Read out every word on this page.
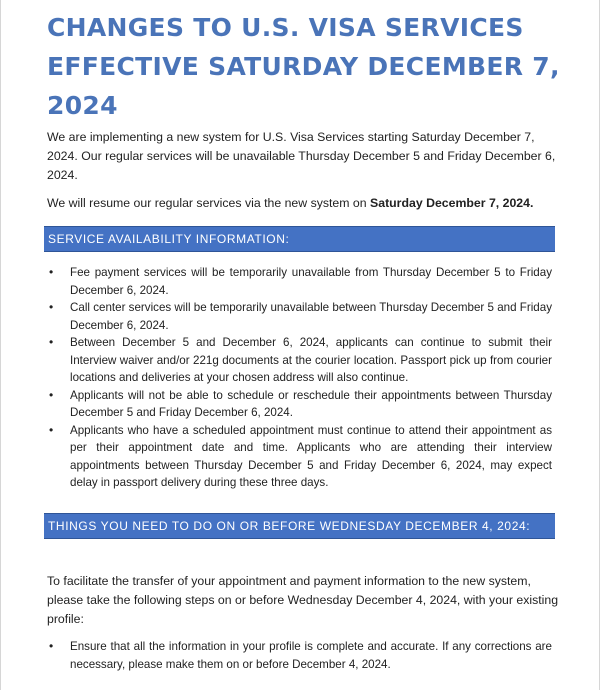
CHANGES TO U.S. VISA SERVICES EFFECTIVE SATURDAY DECEMBER 7, 2024

We are implementing a new system for U.S. Visa Services starting Saturday December 7, 2024. Our regular services will be unavailable Thursday December 5 and Friday December 6, 2024.

We will resume our regular services via the new system on Saturday December 7, 2024.

SERVICE AVAILABILITY INFORMATION:
• Fee payment services will be temporarily unavailable from Thursday December 5 to Friday December 6, 2024.
• Call center services will be temporarily unavailable between Thursday December 5 and Friday December 6, 2024.
• Between December 5 and December 6, 2024, applicants can continue to submit their Interview waiver and/or 221g documents at the courier location. Passport pick up from courier locations and deliveries at your chosen address will also continue.
• Applicants will not be able to schedule or reschedule their appointments between Thursday December 5 and Friday December 6, 2024.
• Applicants who have a scheduled appointment must continue to attend their appointment as per their appointment date and time. Applicants who are attending their interview appointments between Thursday December 5 and Friday December 6, 2024, may expect delay in passport delivery during these three days.
THINGS YOU NEED TO DO ON OR BEFORE WEDNESDAY DECEMBER 4, 2024:

To facilitate the transfer of your appointment and payment information to the new system, please take the following steps on or before Wednesday December 4, 2024, with your existing profile:

• Ensure that all the information in your profile is complete and accurate. If any corrections are necessary, please make them on or before December 4, 2024.
